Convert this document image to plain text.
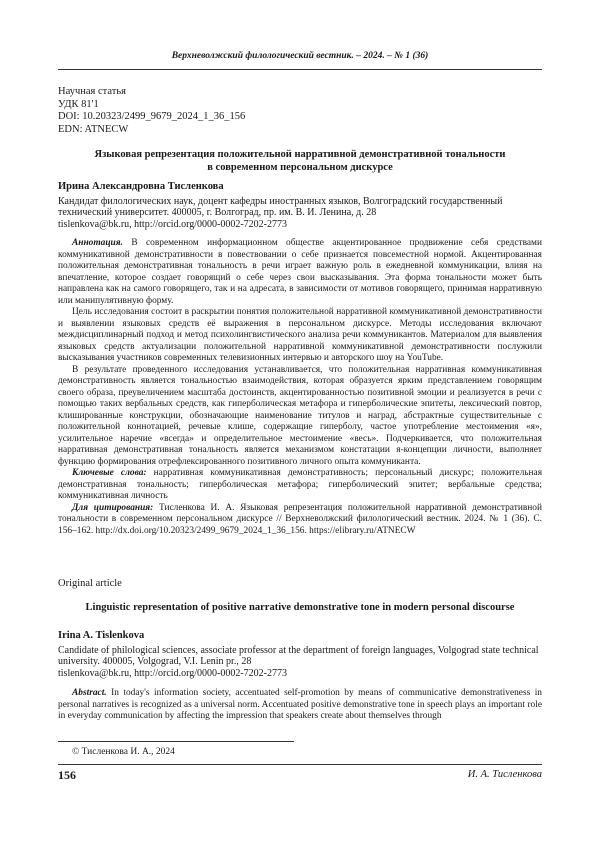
Верхневолжский филологический вестник. – 2024. – № 1 (36)
Научная статья
УДК 81'1
DOI: 10.20323/2499_9679_2024_1_36_156
EDN: ATNECW
Языковая репрезентация положительной нарративной демонстративной тональности
в современном персональном дискурсе
Ирина Александровна Тисленкова
Кандидат филологических наук, доцент кафедры иностранных языков, Волгоградский государственный технический университет. 400005, г. Волгоград, пр. им. В. И. Ленина, д. 28
tislenkova@bk.ru, http://orcid.org/0000-0002-7202-2773

Аннотация. В современном информационном обществе акцентированное продвижение себя средствами коммуникативной демонстративности в повествовании о себе признается повсеместной нормой. Акцентированная положительная демонстративная тональность в речи играет важную роль в ежедневной коммуникации, влияя на впечатление, которое создает говорящий о себе через свои высказывания. Эта форма тональности может быть направлена как на самого говорящего, так и на адресата, в зависимости от мотивов говорящего, принимая нарративную или манипулятивную форму.

Цель исследования состоит в раскрытии понятия положительной нарративной коммуникативной демонстративности и выявлении языковых средств её выражения в персональном дискурсе. Методы исследования включают междисциплинарный подход и метод психолингвистического анализа речи коммуникантов. Материалом для выявления языковых средств актуализации положительной нарративной коммуникативной демонстративности послужили высказывания участников современных телевизионных интервью и авторского шоу на YouTube.

В результате проведенного исследования устанавливается, что положительная нарративная коммуникативная демонстративность является тональностью взаимодействия, которая образуется ярким представлением говорящим своего образа, преувеличением масштаба достоинств, акцентированностью позитивной эмоции и реализуется в речи с помощью таких вербальных средств, как гиперболическая метафора и гиперболические эпитеты, лексический повтор, клишированные конструкции, обозначающие наименование титулов и наград, абстрактные существительные с положительной коннотацией, речевые клише, содержащие гиперболу, частое употребление местоимения «я», усилительное наречие «всегда» и определительное местоимение «весь». Подчеркивается, что положительная нарративная демонстративная тональность является механизмом констатации я-концепции личности, выполняет функцию формирования отрефлексированного позитивного личного опыта коммуниканта.

Ключевые слова: нарративная коммуникативная демонстративность; персональный дискурс; положительная демонстративная тональность; гиперболическая метафора; гиперболический эпитет; вербальные средства; коммуникативная личность

Для цитирования: Тисленкова И. А. Языковая репрезентация положительной нарративной демонстративной тональности в современном персональном дискурсе // Верхневолжский филологический вестник. 2024. № 1 (36). С. 156–162. http://dx.doi.org/10.20323/2499_9679_2024_1_36_156. https://elibrary.ru/ATNECW

Original article
Linguistic representation of positive narrative demonstrative tone in modern personal discourse
Irina A. Tislenkova
Candidate of philological sciences, associate professor at the department of foreign languages, Volgograd state technical university. 400005, Volgograd, V.I. Lenin pr., 28
tislenkova@bk.ru, http://orcid.org/0000-0002-7202-2773

Abstract. In today's information society, accentuated self-promotion by means of communicative demonstrativeness in personal narratives is recognized as a universal norm. Accentuated positive demonstrative tone in speech plays an important role in everyday communication by affecting the impression that speakers create about themselves through

© Тисленкова И. А., 2024
156	И. А. Тисленкова
